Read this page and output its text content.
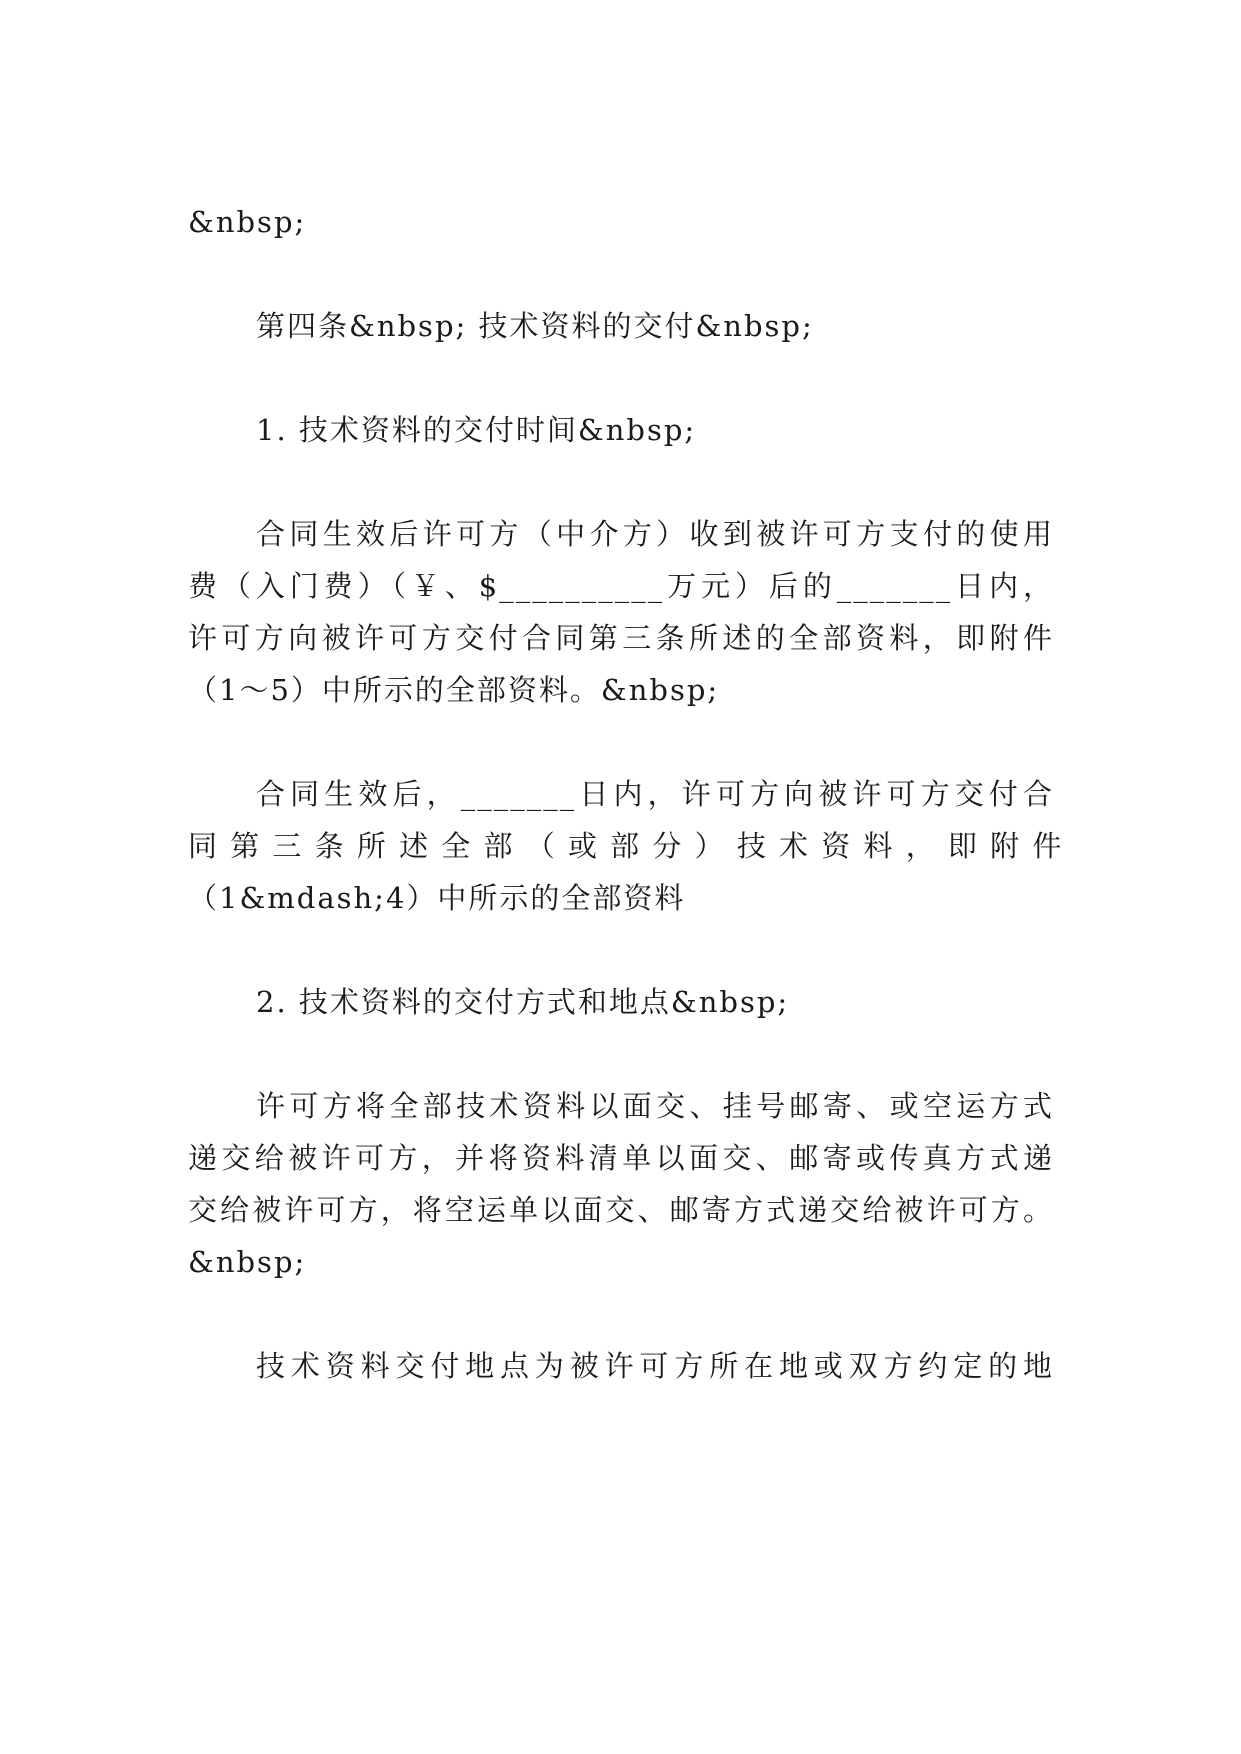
&nbsp;
第四条&nbsp; 技术资料的交付&nbsp;
1. 技术资料的交付时间&nbsp;
合同生效后许可方（中介方）收到被许可方支付的使用
费（入门费）（￥、$__________万元）后的_______日内，
许可方向被许可方交付合同第三条所述的全部资料，即附件
（1～5）中所示的全部资料。&nbsp;
合同生效后，_______日内，许可方向被许可方交付合
同 第 三 条 所 述 全 部 （ 或 部 分 ） 技 术 资 料 ， 即 附 件
（1&mdash;4）中所示的全部资料
2. 技术资料的交付方式和地点&nbsp;
许可方将全部技术资料以面交、挂号邮寄、或空运方式
递交给被许可方，并将资料清单以面交、邮寄或传真方式递
交给被许可方，将空运单以面交、邮寄方式递交给被许可方。
&nbsp;
技术资料交付地点为被许可方所在地或双方约定的地
